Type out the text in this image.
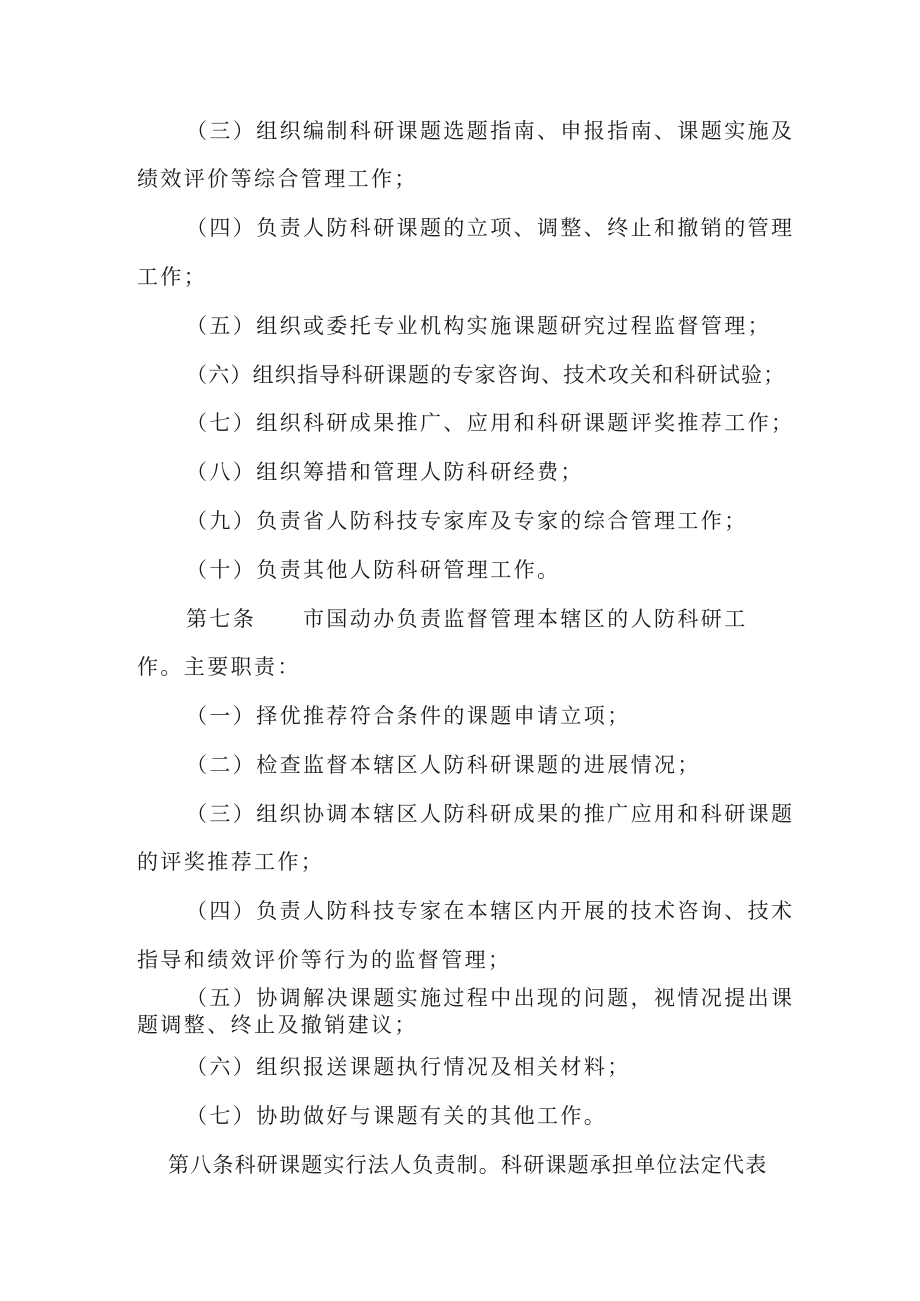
（三）组织编制科研课题选题指南、申报指南、课题实施及
绩效评价等综合管理工作；
（四）负责人防科研课题的立项、调整、终止和撤销的管理
工作；
（五）组织或委托专业机构实施课题研究过程监督管理；
（六）组织指导科研课题的专家咨询、技术攻关和科研试验；
（七）组织科研成果推广、应用和科研课题评奖推荐工作；
（八）组织筹措和管理人防科研经费；
（九）负责省人防科技专家库及专家的综合管理工作；
（十）负责其他人防科研管理工作。
第七条　　市国动办负责监督管理本辖区的人防科研工
作。主要职责：
（一）择优推荐符合条件的课题申请立项；
（二）检查监督本辖区人防科研课题的进展情况；
（三）组织协调本辖区人防科研成果的推广应用和科研课题
的评奖推荐工作；
（四）负责人防科技专家在本辖区内开展的技术咨询、技术
指导和绩效评价等行为的监督管理；
（五）协调解决课题实施过程中出现的问题，视情况提出课
题调整、终止及撤销建议；
（六）组织报送课题执行情况及相关材料；
（七）协助做好与课题有关的其他工作。
第八条科研课题实行法人负责制。科研课题承担单位法定代表
